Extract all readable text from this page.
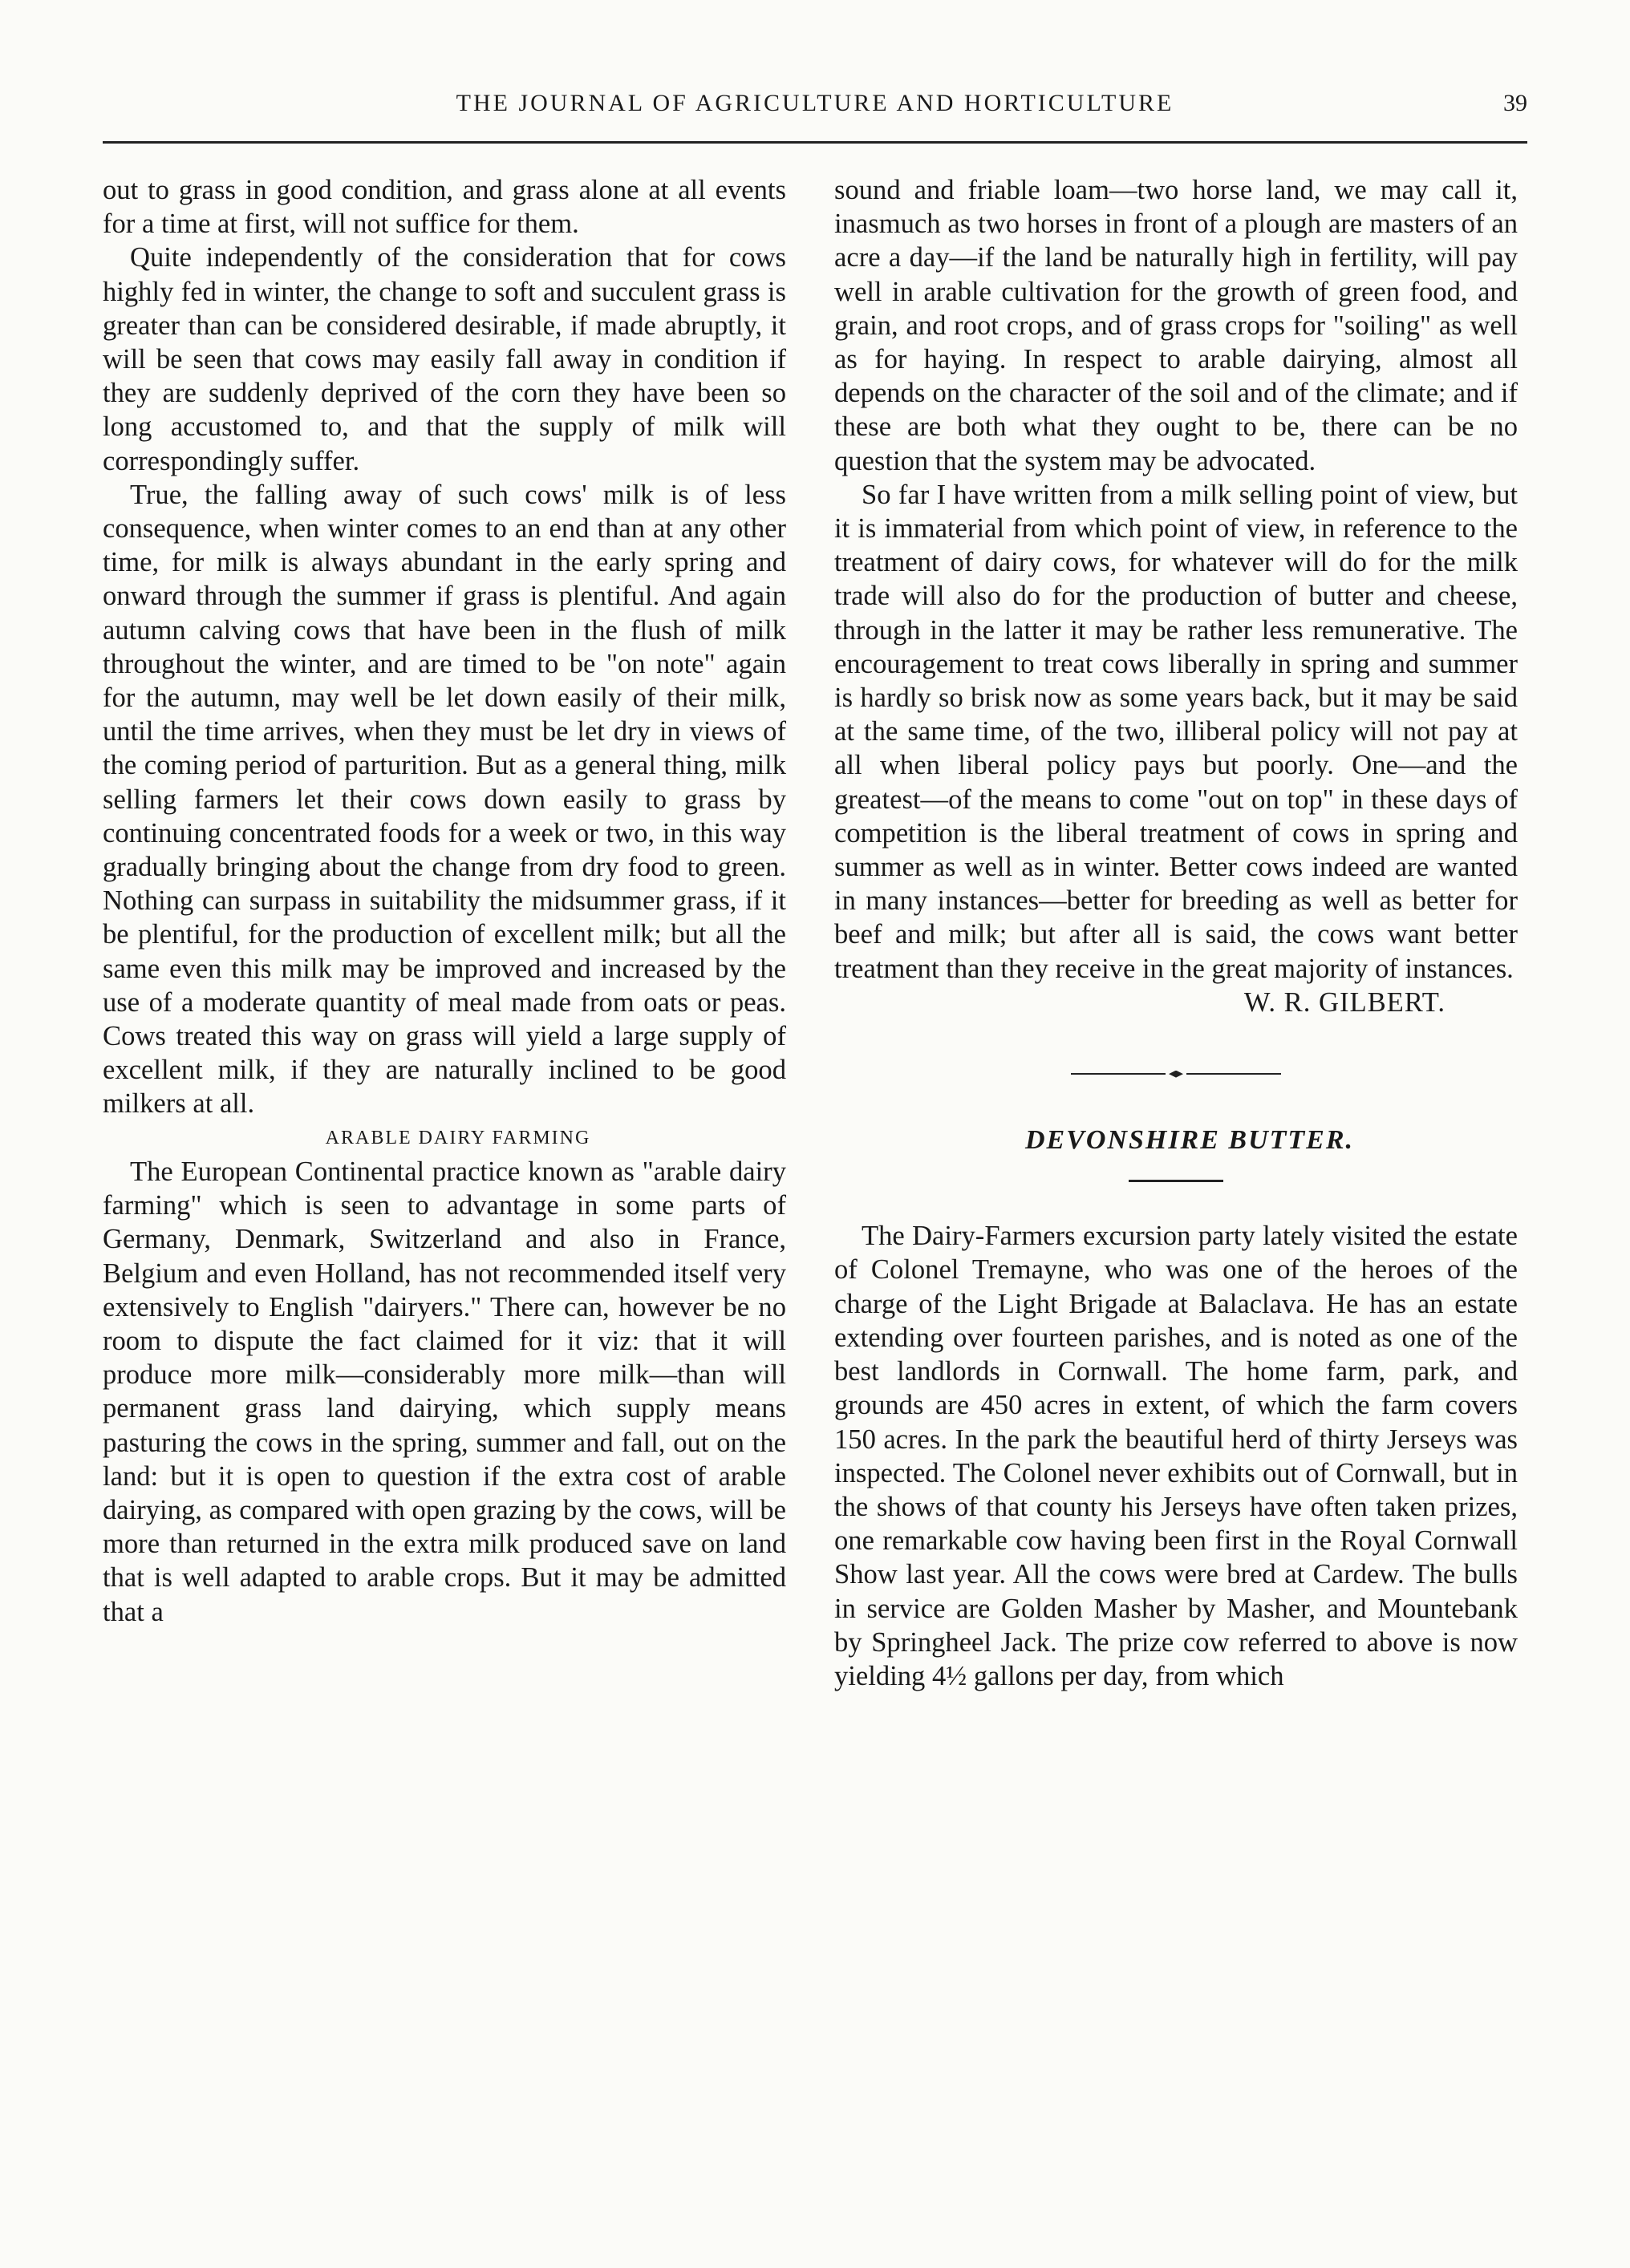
THE JOURNAL OF AGRICULTURE AND HORTICULTURE	39

out to grass in good condition, and grass alone at all events for a time at first, will not suffice for them.

Quite independently of the consideration that for cows highly fed in winter, the change to soft and succulent grass is greater than can be considered desirable, if made abruptly, it will be seen that cows may easily fall away in condition if they are suddenly deprived of the corn they have been so long accustomed to, and that the supply of milk will correspondingly suffer.

True, the falling away of such cows' milk is of less consequence, when winter comes to an end than at any other time, for milk is always abundant in the early spring and onward through the summer if grass is plentiful. And again autumn calving cows that have been in the flush of milk throughout the winter, and are timed to be "on note" again for the autumn, may well be let down easily of their milk, until the time arrives, when they must be let dry in views of the coming period of parturition. But as a general thing, milk selling farmers let their cows down easily to grass by continuing concentrated foods for a week or two, in this way gradually bringing about the change from dry food to green. Nothing can surpass in suitability the midsummer grass, if it be plentiful, for the production of excellent milk; but all the same even this milk may be improved and increased by the use of a moderate quantity of meal made from oats or peas. Cows treated this way on grass will yield a large supply of excellent milk, if they are naturally inclined to be good milkers at all.

ARABLE DAIRY FARMING

The European Continental practice known as "arable dairy farming" which is seen to advantage in some parts of Germany, Denmark, Switzerland and also in France, Belgium and even Holland, has not recommended itself very extensively to English "dairyers." There can, however be no room to dispute the fact claimed for it viz: that it will produce more milk—considerably more milk—than will permanent grass land dairying, which supply means pasturing the cows in the spring, summer and fall, out on the land: but it is open to question if the extra cost of arable dairying, as compared with open grazing by the cows, will be more than returned in the extra milk produced save on land that is well adapted to arable crops. But it may be admitted that a

sound and friable loam—two horse land, we may call it, inasmuch as two horses in front of a plough are masters of an acre a day—if the land be naturally high in fertility, will pay well in arable cultivation for the growth of green food, and grain, and root crops, and of grass crops for "soiling" as well as for haying. In respect to arable dairying, almost all depends on the character of the soil and of the climate; and if these are both what they ought to be, there can be no question that the system may be advocated.

So far I have written from a milk selling point of view, but it is immaterial from which point of view, in reference to the treatment of dairy cows, for whatever will do for the milk trade will also do for the production of butter and cheese, through in the latter it may be rather less remunerative. The encouragement to treat cows liberally in spring and summer is hardly so brisk now as some years back, but it may be said at the same time, of the two, illiberal policy will not pay at all when liberal policy pays but poorly. One—and the greatest—of the means to come "out on top" in these days of competition is the liberal treatment of cows in spring and summer as well as in winter. Better cows indeed are wanted in many instances—better for breeding as well as better for beef and milk; but after all is said, the cows want better treatment than they receive in the great majority of instances.

W. R. GILBERT.

DEVONSHIRE BUTTER.

The Dairy-Farmers excursion party lately visited the estate of Colonel Tremayne, who was one of the heroes of the charge of the Light Brigade at Balaclava. He has an estate extending over fourteen parishes, and is noted as one of the best landlords in Cornwall. The home farm, park, and grounds are 450 acres in extent, of which the farm covers 150 acres. In the park the beautiful herd of thirty Jerseys was inspected. The Colonel never exhibits out of Cornwall, but in the shows of that county his Jerseys have often taken prizes, one remarkable cow having been first in the Royal Cornwall Show last year. All the cows were bred at Cardew. The bulls in service are Golden Masher by Masher, and Mountebank by Springheel Jack. The prize cow referred to above is now yielding 4½ gallons per day, from which
